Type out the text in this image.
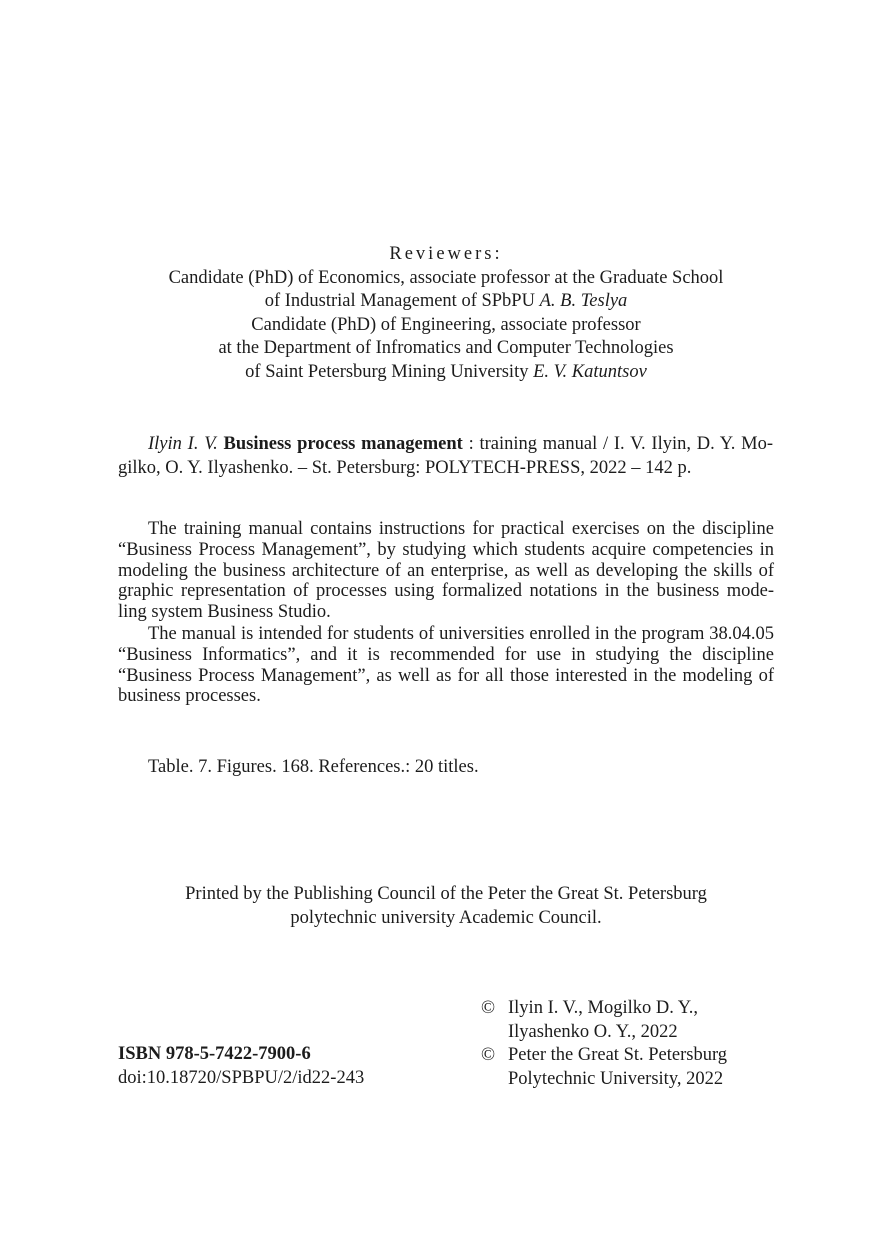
Reviewers:
Candidate (PhD) of Economics, associate professor at the Graduate School
of Industrial Management of SPbPU A. B. Teslya
Candidate (PhD) of Engineering, associate professor
at the Department of Infromatics and Computer Technologies
of Saint Petersburg Mining University E. V. Katuntsov
Ilyin I. V. Business process management : training manual / I. V. Ilyin, D. Y. Mo-gilko, O. Y. Ilyashenko. – St. Petersburg: POLYTECH-PRESS, 2022 – 142 p.
The training manual contains instructions for practical exercises on the discipline “Business Process Management”, by studying which students acquire competencies in modeling the business architecture of an enterprise, as well as developing the skills of graphic representation of processes using formalized notations in the business mode-ling system Business Studio.
The manual is intended for students of universities enrolled in the program 38.04.05 “Business Informatics”, and it is recommended for use in studying the discipline “Business Process Management”, as well as for all those interested in the modeling of business processes.
Table. 7. Figures. 168. References.: 20 titles.
Printed by the Publishing Council of the Peter the Great St. Petersburg
polytechnic university Academic Council.
ISBN 978-5-7422-7900-6
doi:10.18720/SPBPU/2/id22-243
© Ilyin I. V., Mogilko D. Y.,
Ilyashenko O. Y., 2022
© Peter the Great St. Petersburg
Polytechnic University, 2022
